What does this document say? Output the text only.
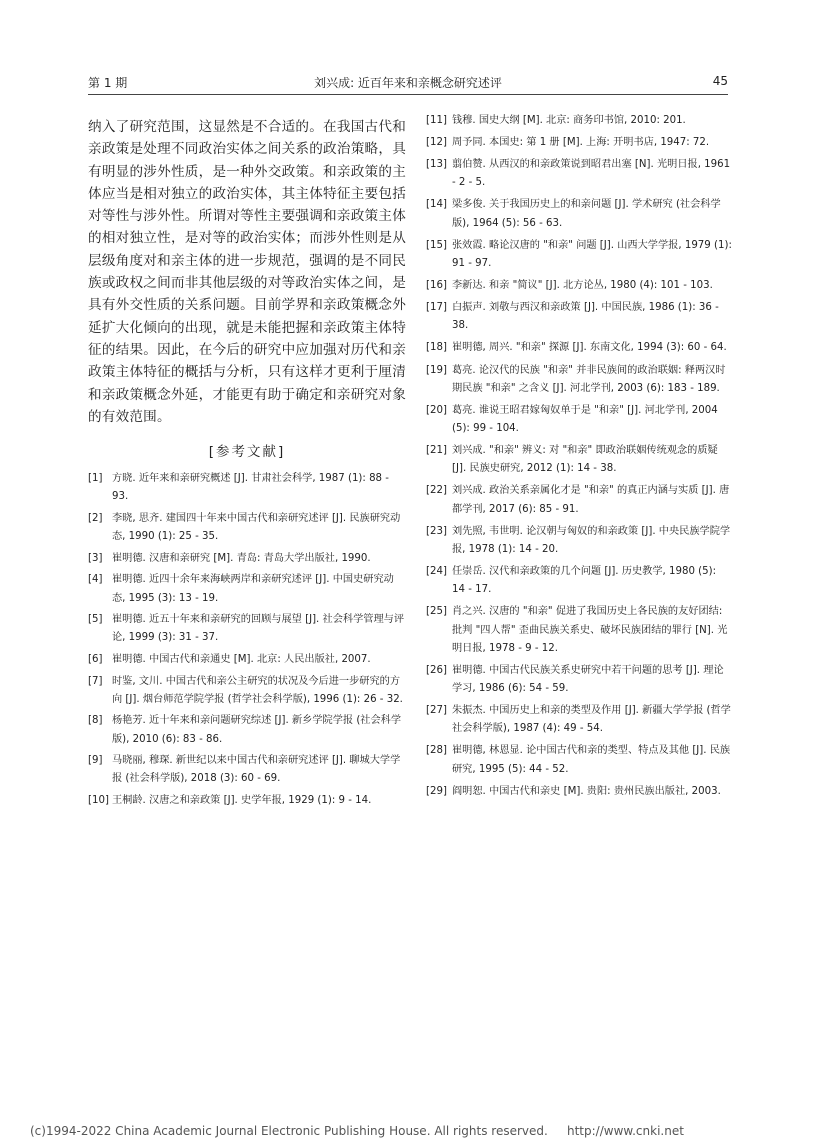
第 1 期	刘兴成: 近百年来和亲概念研究述评	45

纳入了研究范围，这显然是不合适的。在我国古代和亲政策是处理不同政治实体之间关系的政治策略，具有明显的涉外性质，是一种外交政策。和亲政策的主体应当是相对独立的政治实体，其主体特征主要包括对等性与涉外性。所谓对等性主要强调和亲政策主体的相对独立性，是对等的政治实体；而涉外性则是从层级角度对和亲主体的进一步规范，强调的是不同民族或政权之间而非其他层级的对等政治实体之间，是具有外交性质的关系问题。目前学界和亲政策概念外延扩大化倾向的出现，就是未能把握和亲政策主体特征的结果。因此，在今后的研究中应加强对历代和亲政策主体特征的概括与分析，只有这样才更利于厘清和亲政策概念外延，才能更有助于确定和亲研究对象的有效范围。

[参考文献]
[1] 方晓. 近年来和亲研究概述 [J]. 甘肃社会科学, 1987 (1): 88 - 93.
[2] 李晓, 思齐. 建国四十年来中国古代和亲研究述评 [J]. 民族研究动态, 1990 (1): 25 - 35.
[3] 崔明德. 汉唐和亲研究 [M]. 青岛: 青岛大学出版社, 1990.
[4] 崔明德. 近四十余年来海峡两岸和亲研究述评 [J]. 中国史研究动态, 1995 (3): 13 - 19.
[5] 崔明德. 近五十年来和亲研究的回顾与展望 [J]. 社会科学管理与评论, 1999 (3): 31 - 37.
[6] 崔明德. 中国古代和亲通史 [M]. 北京: 人民出版社, 2007.
[7] 时鉴, 文川. 中国古代和亲公主研究的状况及今后进一步研究的方向 [J]. 烟台师范学院学报 (哲学社会科学版), 1996 (1): 26 - 32.
[8] 杨艳芳. 近十年来和亲问题研究综述 [J]. 新乡学院学报 (社会科学版), 2010 (6): 83 - 86.
[9] 马晓丽, 穆琛. 新世纪以来中国古代和亲研究述评 [J]. 聊城大学学报 (社会科学版), 2018 (3): 60 - 69.
[10] 王桐龄. 汉唐之和亲政策 [J]. 史学年报, 1929 (1): 9 - 14.
[11] 钱穆. 国史大纲 [M]. 北京: 商务印书馆, 2010: 201.
[12] 周予同. 本国史: 第 1 册 [M]. 上海: 开明书店, 1947: 72.
[13] 翦伯赞. 从西汉的和亲政策说到昭君出塞 [N]. 光明日报, 1961 - 2 - 5.
[14] 梁多俊. 关于我国历史上的和亲问题 [J]. 学术研究 (社会科学版), 1964 (5): 56 - 63.
[15] 张效霞. 略论汉唐的 "和亲" 问题 [J]. 山西大学学报, 1979 (1): 91 - 97.
[16] 李新达. 和亲 "简议" [J]. 北方论丛, 1980 (4): 101 - 103.
[17] 白振声. 刘敬与西汉和亲政策 [J]. 中国民族, 1986 (1): 36 - 38.
[18] 崔明德, 周兴. "和亲" 探源 [J]. 东南文化, 1994 (3): 60 - 64.
[19] 葛亮. 论汉代的民族 "和亲" 并非民族间的政治联姻: 释两汉时期民族 "和亲" 之含义 [J]. 河北学刊, 2003 (6): 183 - 189.
[20] 葛亮. 谁说王昭君嫁匈奴单于是 "和亲" [J]. 河北学刊, 2004 (5): 99 - 104.
[21] 刘兴成. "和亲" 辨义: 对 "和亲" 即政治联姻传统观念的质疑 [J]. 民族史研究, 2012 (1): 14 - 38.
[22] 刘兴成. 政治关系亲属化才是 "和亲" 的真正内涵与实质 [J]. 唐都学刊, 2017 (6): 85 - 91.
[23] 刘先照, 韦世明. 论汉朝与匈奴的和亲政策 [J]. 中央民族学院学报, 1978 (1): 14 - 20.
[24] 任崇岳. 汉代和亲政策的几个问题 [J]. 历史教学, 1980 (5): 14 - 17.
[25] 肖之兴. 汉唐的 "和亲" 促进了我国历史上各民族的友好团结: 批判 "四人帮" 歪曲民族关系史、破坏民族团结的罪行 [N]. 光明日报, 1978 - 9 - 12.
[26] 崔明德. 中国古代民族关系史研究中若干问题的思考 [J]. 理论学习, 1986 (6): 54 - 59.
[27] 朱振杰. 中国历史上和亲的类型及作用 [J]. 新疆大学学报 (哲学社会科学版), 1987 (4): 49 - 54.
[28] 崔明德, 林恩显. 论中国古代和亲的类型、特点及其他 [J]. 民族研究, 1995 (5): 44 - 52.
[29] 阎明恕. 中国古代和亲史 [M]. 贵阳: 贵州民族出版社, 2003.
(c)1994-2022 China Academic Journal Electronic Publishing House. All rights reserved. http://www.cnki.net
